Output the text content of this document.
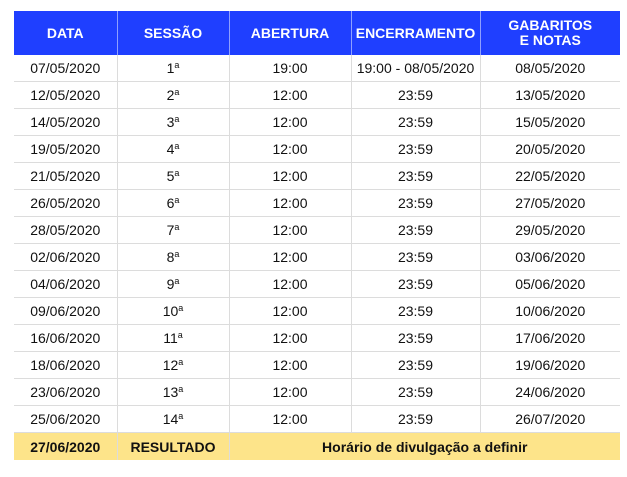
DATA	SESSÃO	ABERTURA	ENCERRAMENTO	GABARITOS
E NOTAS
07/05/2020	1$^a$	19:00	19:00 - 08/05/2020	08/05/2020
12/05/2020	2$^a$	12:00	23:59	13/05/2020
14/05/2020	3$^a$	12:00	23:59	15/05/2020
19/05/2020	4$^a$	12:00	23:59	20/05/2020
21/05/2020	5$^a$	12:00	23:59	22/05/2020
26/05/2020	6$^a$	12:00	23:59	27/05/2020
28/05/2020	7$^a$	12:00	23:59	29/05/2020
02/06/2020	8$^a$	12:00	23:59	03/06/2020
04/06/2020	9$^a$	12:00	23:59	05/06/2020
09/06/2020	10$^a$	12:00	23:59	10/06/2020
16/06/2020	11$^a$	12:00	23:59	17/06/2020
18/06/2020	12$^a$	12:00	23:59	19/06/2020
23/06/2020	13$^a$	12:00	23:59	24/06/2020
25/06/2020	14$^a$	12:00	23:59	26/07/2020
27/06/2020	RESULTADO	Horário de divulgação a definir		
